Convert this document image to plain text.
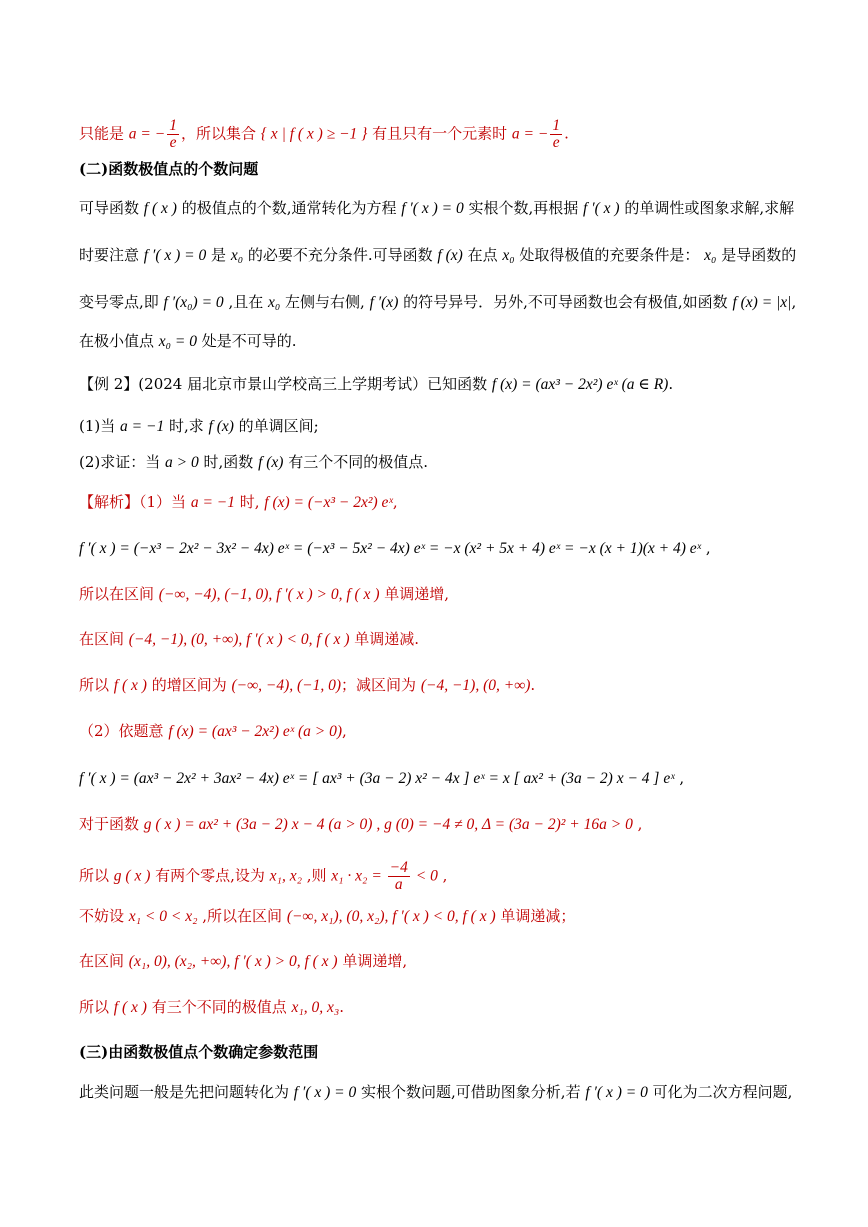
只能是 a = − $\frac{1}{e}$ ，所以集合 { x | f ( x ) ≥ −1 } 有且只有一个元素时 a = − $\frac{1}{e}$ .
(二)函数极值点的个数问题
可导函数 f ( x ) 的极值点的个数,通常转化为方程 f ′( x ) = 0 实根个数,再根据 f ′( x ) 的单调性或图象求解,求解
时要注意 f ′( x ) = 0 是 x₀ 的必要不充分条件.可导函数 f (x) 在点 x₀ 处取得极值的充要条件是： x₀ 是导函数的
变号零点,即 f ′(x₀) = 0 ,且在 x₀ 左侧与右侧, f ′(x) 的符号异号．另外,不可导函数也会有极值,如函数 f (x) = |x|,
在极小值点 x₀ = 0 处是不可导的.
【例 2】(2024 届北京市景山学校高三上学期考试）已知函数 f (x) = (ax³ − 2x²) eˣ (a ∈ R).
(1)当 a = −1 时,求 f (x) 的单调区间;
(2)求证：当 a > 0 时,函数 f (x) 有三个不同的极值点.
【解析】（1）当 a = −1 时, f (x) = (−x³ − 2x²) eˣ,
f ′( x ) = (−x³ − 2x² − 3x² − 4x) eˣ = (−x³ − 5x² − 4x) eˣ = −x (x² + 5x + 4) eˣ = −x (x + 1)(x + 4) eˣ ,
所以在区间 (−∞, −4), (−1, 0), f ′( x ) > 0, f ( x ) 单调递增,
在区间 (−4, −1), (0, +∞), f ′( x ) < 0, f ( x ) 单调递减.
所以 f ( x ) 的增区间为 (−∞, −4), (−1, 0)；减区间为 (−4, −1), (0, +∞).
（2）依题意 f (x) = (ax³ − 2x²) eˣ (a > 0),
f ′( x ) = (ax³ − 2x² + 3ax² − 4x) eˣ = [ ax³ + (3a − 2) x² − 4x ] eˣ = x [ ax² + (3a − 2) x − 4 ] eˣ ,
对于函数 g ( x ) = ax² + (3a − 2) x − 4 (a > 0) , g (0) = −4 ≠ 0, Δ = (3a − 2)² + 16a > 0 ,
所以 g ( x ) 有两个零点,设为 x₁, x₂ ,则 $x_1 \cdot x_2 = \frac{-4}{a} < 0$ ,
不妨设 x₁ < 0 < x₂ ,所以在区间 (−∞, x₁), (0, x₂), f ′( x ) < 0, f ( x ) 单调递减；
在区间 (x₁, 0), (x₂, +∞), f ′( x ) > 0, f ( x ) 单调递增,
所以 f ( x ) 有三个不同的极值点 x₁, 0, x₃.
(三)由函数极值点个数确定参数范围
此类问题一般是先把问题转化为 f ′( x ) = 0 实根个数问题,可借助图象分析,若 f ′( x ) = 0 可化为二次方程问题,
